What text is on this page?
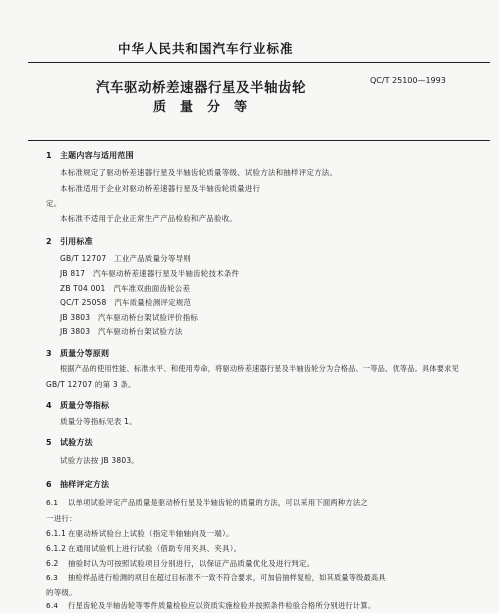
中华人民共和国汽车行业标准
汽车驱动桥差速器行星及半轴齿轮	QC/T 25100—1993
质量分等
1　主题内容与适用范围
本标准规定了驱动桥差速器行星及半轴齿轮质量等级、试验方法和抽样评定方法。
本标准适用于企业对驱动桥差速器行星及半轴齿轮质量进行
定。
本标准不适用于企业正常生产产品检验和产品验收。
2　引用标准
GB/T 12707　工业产品质量分等导则
JB 817　汽车驱动桥差速器行星及半轴齿轮技术条件
ZB T04 001　汽车准双曲面齿轮公差
QC/T 25058　汽车质量检测评定规范
JB 3803　汽车驱动桥台架试验评价指标
JB 3803　汽车驱动桥台架试验方法
3　质量分等原则
根据产品的使用性能、标准水平、和使用寿命，将驱动桥差速器行星及半轴齿轮分为合格品、一等品、优等品。具体要求见
GB/T 12707 的第 3 条。
4　质量分等指标
质量分等指标见表 1。
5　试验方法
试验方法按 JB 3803。
6　抽样评定方法
6.1 以单项试验评定产品质量是驱动桥行星及半轴齿轮的质量的方法，可以采用下面两种方法之
一进行：
6.1.1 在驱动桥试验台上试验（指定半轴轴向及一端）。
6.1.2 在通用试验机上进行试验（借助专用夹具、夹具）。
6.2 抽验时认为可按照试验项目分别进行，以保证产品质量优化及进行判定。
6.3 抽检样品进行检测的项目在超过目标准不一致不符合要求，可加倍抽样复检，如其质量等级最高具
的等级。
6.4 行星齿轮及半轴齿轮等零件质量检验应以资质实施检验并按照条件检验合格所分别进行计算。
